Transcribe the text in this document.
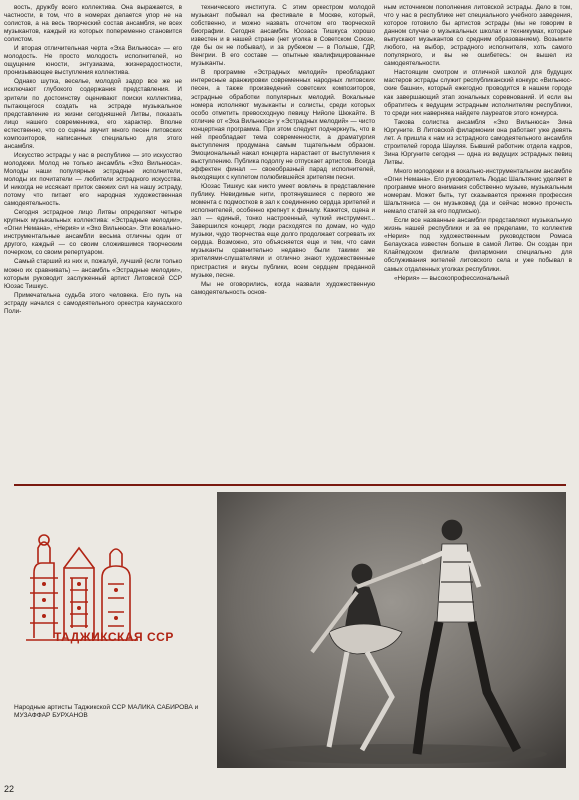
вость, дружбу всего коллектива. Она выражается, в частности, в том, что в номерах делается упор не на солистов, а на весь творческий состав ансамбля, не всех музыкантов, каждый из которых попеременно становится солистом.

И вторая отличительная черта «Эха Вильнюса» — его молодость. Не просто молодость исполнителей, но ощущение юности, энтузиазма, жизнерадостности, пронизывающее выступления коллектива.

Однако шутка, веселье, молодой задор все же не исключают глубокого содержания представления. И зрители по достоинству оценивают поиски коллектива, пытающегося создать на эстраде музыкальное представление из жизни сегодняшней Литвы, показать лицо нашего современника, его характер. Вполне естественно, что со сцены звучит много песен литовских композиторов, написанных специально для этого ансамбля.

Искусство эстрады у нас в республике — это искусство молодежи. Молод не только ансамбль «Эхо Вильнюса». Молоды наши популярные эстрадные исполнители, молоды их почитатели — любители эстрадного искусства. И никогда не иссякает приток свежих сил на нашу эстраду, потому что питает его народная художественная самодеятельность.

Сегодня эстрадное лицо Литвы определяют четыре крупных музыкальных коллектива: «Эстрадные мелодии», «Огни Немана», «Нерия» и «Эхо Вильнюса». Эти вокально-инструментальные ансамбли весьма отличны один от другого, каждый — со своим сложившимся творческим почерком, со своим репертуаром.

Самый старший из них и, пожалуй, лучший (если только можно их сравнивать) — ансамбль «Эстрадные мелодии», которым руководит заслуженный артист Литовской ССР Юозас Тишкус.

Примечательна судьба этого человека. Его путь на эстраду начался с самодеятельного оркестра каунасского Поли-

технического института. С этим оркестром молодой музыкант побывал на фестивале в Москве, который, собственно, и можно назвать отсчетом его творческой биографии. Сегодня ансамбль Юозаса Тишкуса хорошо известен и в нашей стране (нет уголка в Советском Союзе, где бы он не побывал), и за рубежом — в Польше, ГДР, Венгрии. В его составе — опытные квалифицированные музыканты.

В программе «Эстрадных мелодий» преобладают интересные аранжировки современных народных литовских песен, а также произведений советских композиторов, эстрадные обработки популярных мелодий. Вокальные номера исполняют музыканты и солисты, среди которых особо отметить превосходную певицу Нийоле Шюкайте. В отличие от «Эха Вильнюса» у «Эстрадных мелодий» — чисто концертная программа. При этом следует подчеркнуть, что в ней преобладает тема современности, а драматургия выступления продумана самым тщательным образом. Эмоциональный накал концерта нарастает от выступления к выступлению. Публика подолгу не отпускает артистов. Всегда эффектен финал — своеобразный парад исполнителей, выходящих с куплетом полюбившейся зрителям песни.

Юозас Тишкус как никто умеет вовлечь в представление публику. Невидимые нити, протянувшиеся с первого же момента с подмостков в зал к соединению сердца зрителей и исполнителей, особенно крепнут к финалу. Кажется, сцена и зал — единый, тонко настроенный, чуткий инструмент... Завершился концерт, люди расходятся по домам, но чудо музыки, чудо творчества еще долго продолжает согревать их сердца. Возможно, это объясняется еще и тем, что сами музыканты сравнительно недавно были такими же зрителями-слушателями и отлично знают художественные пристрастия и вкусы публики, всем сердцем преданной музыке, песне.

Мы не оговорились, когда назвали художественную самодеятельность основ-

ным источником пополнения литовской эстрады. Дело в том, что у нас в республике нет специального учебного заведения, которое готовило бы артистов эстрады (мы не говорим в данном случае о музыкальных школах и техникумах, которые выпускают музыкантов со средним образованием). Возьмите любого, на выбор, эстрадного исполнителя, хоть самого популярного, и вы не ошибетесь: он вышел из самодеятельности.

Настоящим смотром и отличной школой для будущих мастеров эстрады служит республиканский конкурс «Вильнюсские башни», который ежегодно проводится в нашем городе как завершающий этап зональных соревнований. И если вы обратитесь к ведущим эстрадным исполнителям республики, то среди них наверняка найдете лауреатов этого конкурса.

Такова солистка ансамбля «Эхо Вильнюса» Зина Юргуните. В Литовской филармонии она работает уже девять лет. А пришла к нам из эстрадного самодеятельного ансамбля строителей города Шауляя. Бывший работник отдела кадров, Зина Юргуните сегодня — одна из ведущих эстрадных певиц Литвы.

Много молодежи и в вокально-инструментальном ансамбле «Огни Немана». Его руководитель Людас Шальтянис уделяет в программе много внимания собственно музыке, музыкальным номерам. Может быть, тут сказывается прежняя профессия Шальтяниса — он музыковед (да и сейчас можно прочесть немало статей за его подписью).

Если все названные ансамбли представляют музыкальную жизнь нашей республики и за ее пределами, то коллектив «Нерия» под художественным руководством Ромаса Белаускаса известен больше в самой Литве. Он создан при Клайпедском филиале филармонии специально для обслуживания жителей литовского села и уже побывал в самых отдаленных уголках республики.

«Нерия» — высокопрофессиональный

ТАДЖИКСКАЯ ССР
Народные артисты Таджикской ССР МАЛИКА САБИРОВА и МУЗАФФАР БУРХАНОВ
22
